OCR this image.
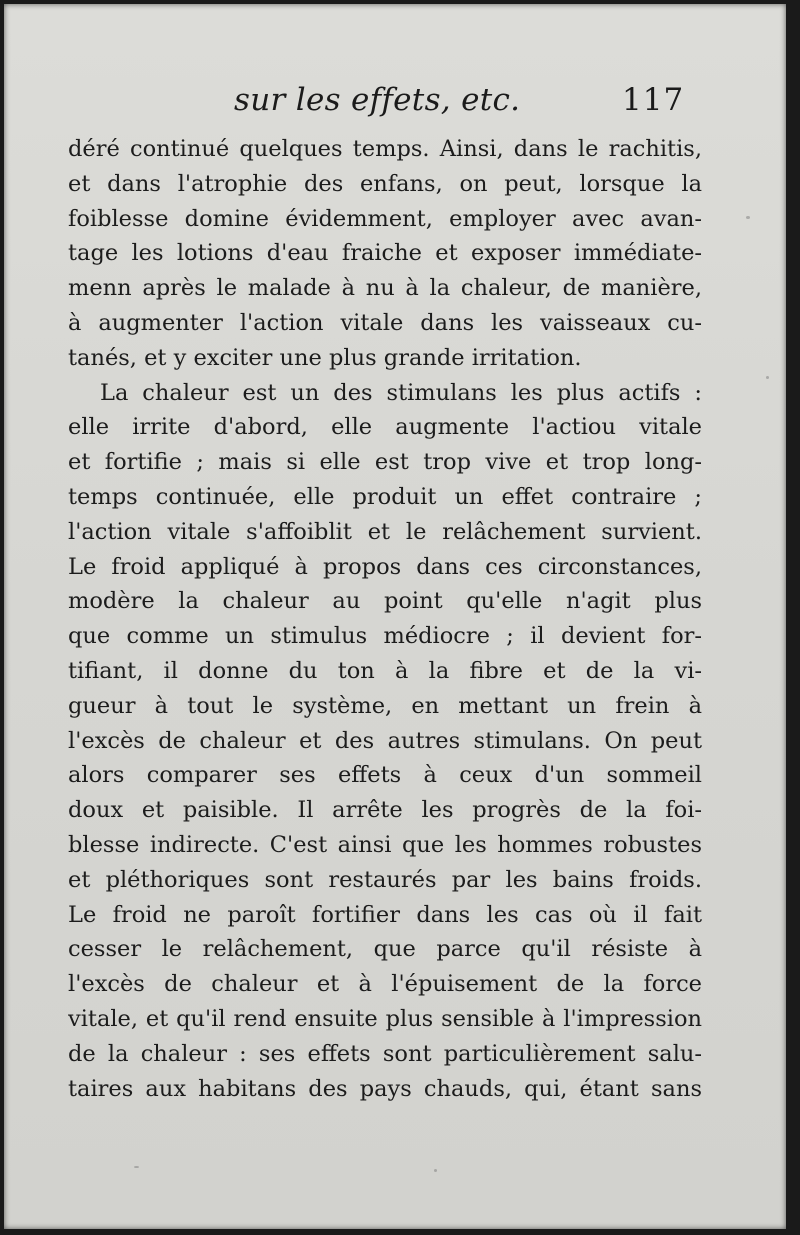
sur les effets, etc.	117
déré continué quelques temps. Ainsi, dans le rachitis,
et dans l'atrophie des enfans, on peut, lorsque la
foiblesse domine évidemment, employer avec avan-
tage les lotions d'eau fraiche et exposer immédiate-
menn après le malade à nu à la chaleur, de manière,
à augmenter l'action vitale dans les vaisseaux cu-
tanés, et y exciter une plus grande irritation.
La chaleur est un des stimulans les plus actifs :
elle irrite d'abord, elle augmente l'actiou vitale
et fortifie ; mais si elle est trop vive et trop long-
temps continuée, elle produit un effet contraire ;
l'action vitale s'affoiblit et le relâchement survient.
Le froid appliqué à propos dans ces circonstances,
modère la chaleur au point qu'elle n'agit plus
que comme un stimulus médiocre ; il devient for-
tifiant, il donne du ton à la fibre et de la vi-
gueur à tout le système, en mettant un frein à
l'excès de chaleur et des autres stimulans. On peut
alors comparer ses effets à ceux d'un sommeil
doux et paisible. Il arrête les progrès de la foi-
blesse indirecte. C'est ainsi que les hommes robustes
et pléthoriques sont restaurés par les bains froids.
Le froid ne paroît fortifier dans les cas où il fait
cesser le relâchement, que parce qu'il résiste à
l'excès de chaleur et à l'épuisement de la force
vitale, et qu'il rend ensuite plus sensible à l'impression
de la chaleur : ses effets sont particulièrement salu-
taires aux habitans des pays chauds, qui, étant sans
